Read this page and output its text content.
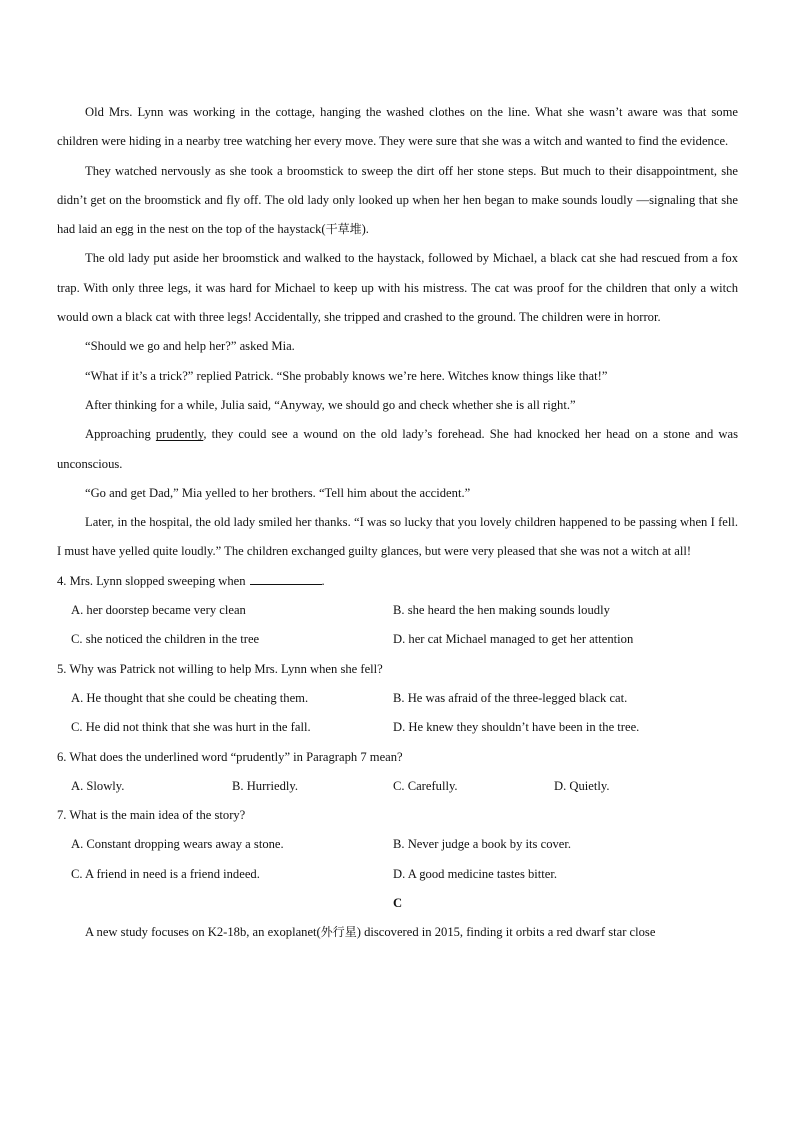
Old Mrs. Lynn was working in the cottage, hanging the washed clothes on the line. What she wasn’t aware was that some children were hiding in a nearby tree watching her every move. They were sure that she was a witch and wanted to find the evidence.

They watched nervously as she took a broomstick to sweep the dirt off her stone steps. But much to their disappointment, she didn’t get on the broomstick and fly off. The old lady only looked up when her hen began to make sounds loudly —signaling that she had laid an egg in the nest on the top of the haystack(干草堆).

The old lady put aside her broomstick and walked to the haystack, followed by Michael, a black cat she had rescued from a fox trap. With only three legs, it was hard for Michael to keep up with his mistress. The cat was proof for the children that only a witch would own a black cat with three legs! Accidentally, she tripped and crashed to the ground. The children were in horror.

“Should we go and help her?” asked Mia.

“What if it’s a trick?” replied Patrick. “She probably knows we’re here. Witches know things like that!”

After thinking for a while, Julia said, “Anyway, we should go and check whether she is all right.”

Approaching prudently, they could see a wound on the old lady’s forehead. She had knocked her head on a stone and was unconscious.

“Go and get Dad,” Mia yelled to her brothers. “Tell him about the accident.”

Later, in the hospital, the old lady smiled her thanks. “I was so lucky that you lovely children happened to be passing when I fell. I must have yelled quite loudly.” The children exchanged guilty glances, but were very pleased that she was not a witch at all!

4. Mrs. Lynn slopped sweeping when	.
A. her doorstep became very clean	B. she heard the hen making sounds loudly
C. she noticed the children in the tree	D. her cat Michael managed to get her attention
5. Why was Patrick not willing to help Mrs. Lynn when she fell?
A. He thought that she could be cheating them.	B. He was afraid of the three-legged black cat.
C. He did not think that she was hurt in the fall.	D. He knew they shouldn’t have been in the tree.
6. What does the underlined word “prudently” in Paragraph 7 mean?
A. Slowly.	B. Hurriedly.	C. Carefully.	D. Quietly.
7. What is the main idea of the story?
A. Constant dropping wears away a stone.	B. Never judge a book by its cover.
C. A friend in need is a friend indeed.	D. A good medicine tastes bitter.
C

A new study focuses on K2-18b, an exoplanet(外行星) discovered in 2015, finding it orbits a red dwarf star close
